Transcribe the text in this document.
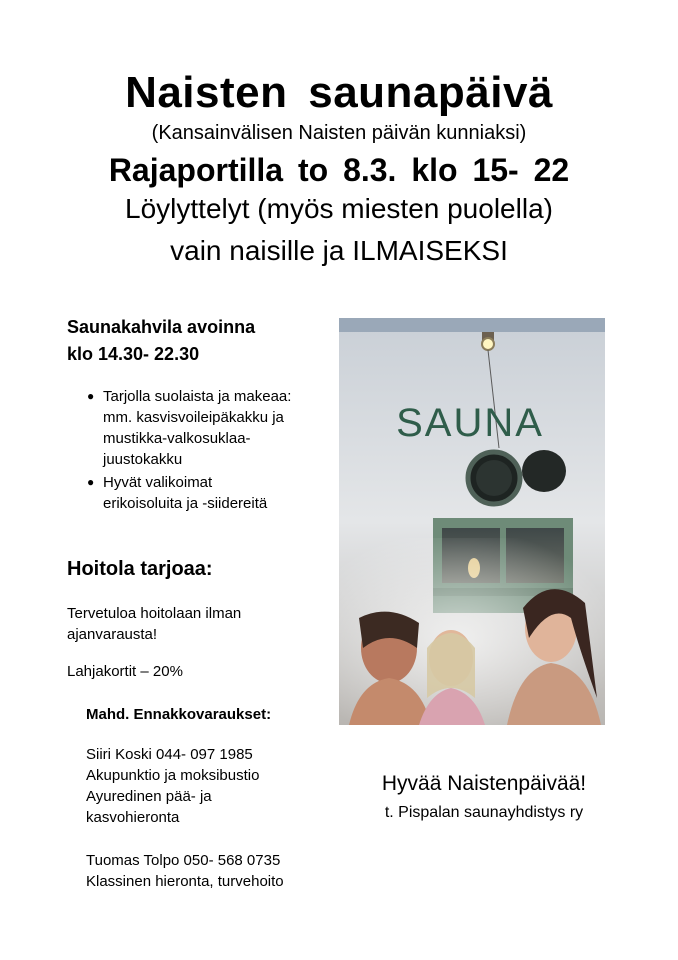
Naisten saunapäivä
(Kansainvälisen Naisten päivän kunniaksi)
Rajaportilla to 8.3. klo 15- 22
Löylyttelyt (myös miesten puolella)
vain naisille ja ILMAISEKSI
Saunakahvila avoinna
klo 14.30- 22.30
● Tarjolla suolaista ja makeaa:
mm. kasvisvoileipäkakku ja
mustikka-valkosuklaa-
juustokakku
● Hyvät valikoimat
erikoisoluita ja -siidereitä
Hoitola tarjoaa:
Tervetuloa hoitolaan ilman
ajanvarausta!
Lahjakortit – 20%
Mahd. Ennakkovaraukset:
Siiri Koski 044- 097 1985
Akupunktio ja moksibustio
Ayuredinen pää- ja
kasvohieronta
Tuomas Tolpo 050- 568 0735
Klassinen hieronta, turvehoito
SAUNA
Hyvää Naistenpäivää!
t. Pispalan saunayhdistys ry
